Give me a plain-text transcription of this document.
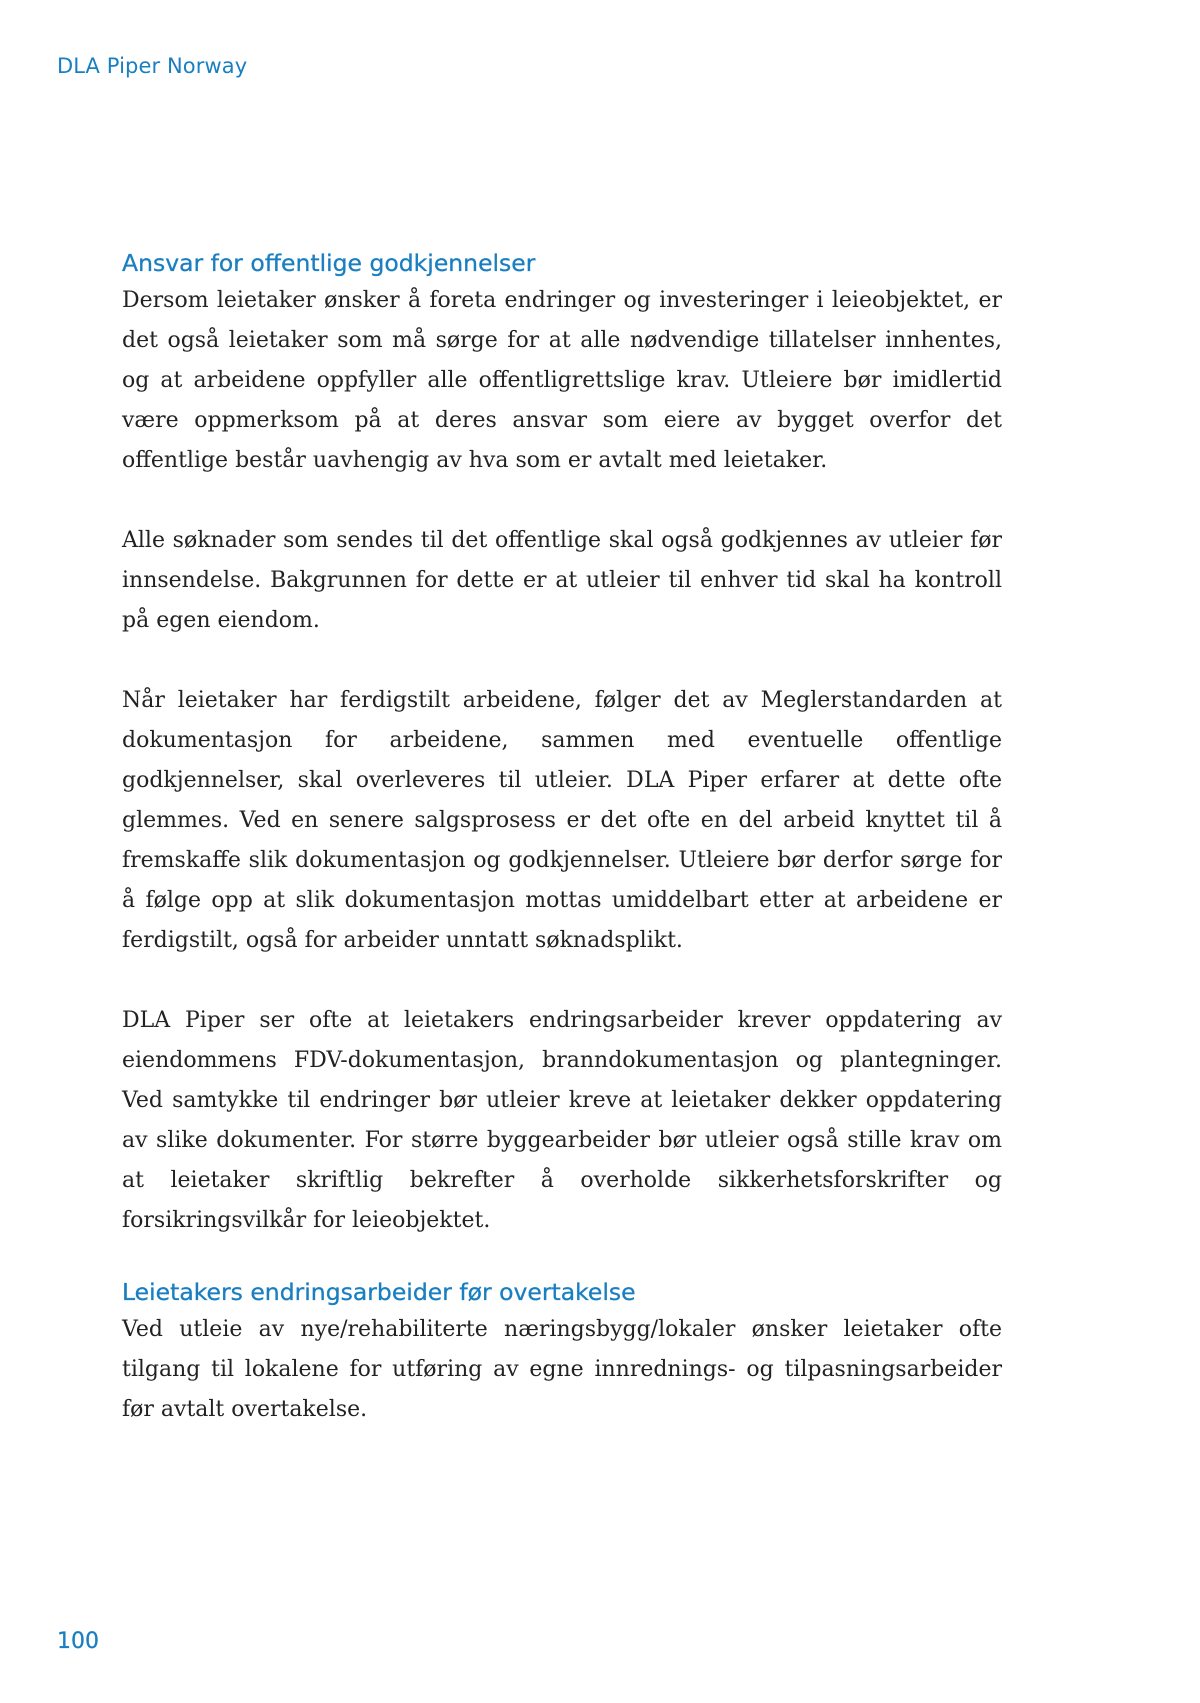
DLA Piper Norway
Ansvar for offentlige godkjennelser

Dersom leietaker ønsker å foreta endringer og investeringer i leieobjektet, er det også leietaker som må sørge for at alle nødvendige tillatelser innhentes, og at arbeidene oppfyller alle offentligrettslige krav. Utleiere bør imidlertid være oppmerksom på at deres ansvar som eiere av bygget overfor det offentlige består uavhengig av hva som er avtalt med leietaker.

Alle søknader som sendes til det offentlige skal også godkjennes av utleier før innsendelse. Bakgrunnen for dette er at utleier til enhver tid skal ha kontroll på egen eiendom.

Når leietaker har ferdigstilt arbeidene, følger det av Meglerstandarden at dokumentasjon for arbeidene, sammen med eventuelle offentlige godkjennelser, skal overleveres til utleier. DLA Piper erfarer at dette ofte glemmes. Ved en senere salgsprosess er det ofte en del arbeid knyttet til å fremskaffe slik dokumentasjon og godkjennelser. Utleiere bør derfor sørge for å følge opp at slik dokumentasjon mottas umiddelbart etter at arbeidene er ferdigstilt, også for arbeider unntatt søknadsplikt.

DLA Piper ser ofte at leietakers endringsarbeider krever oppdatering av eiendommens FDV-dokumentasjon, branndokumentasjon og plantegninger. Ved samtykke til endringer bør utleier kreve at leietaker dekker oppdatering av slike dokumenter. For større byggearbeider bør utleier også stille krav om at leietaker skriftlig bekrefter å overholde sikkerhetsforskrifter og forsikringsvilkår for leieobjektet.

Leietakers endringsarbeider før overtakelse

Ved utleie av nye/rehabiliterte næringsbygg/lokaler ønsker leietaker ofte tilgang til lokalene for utføring av egne innrednings- og tilpasningsarbeider før avtalt overtakelse.

100
